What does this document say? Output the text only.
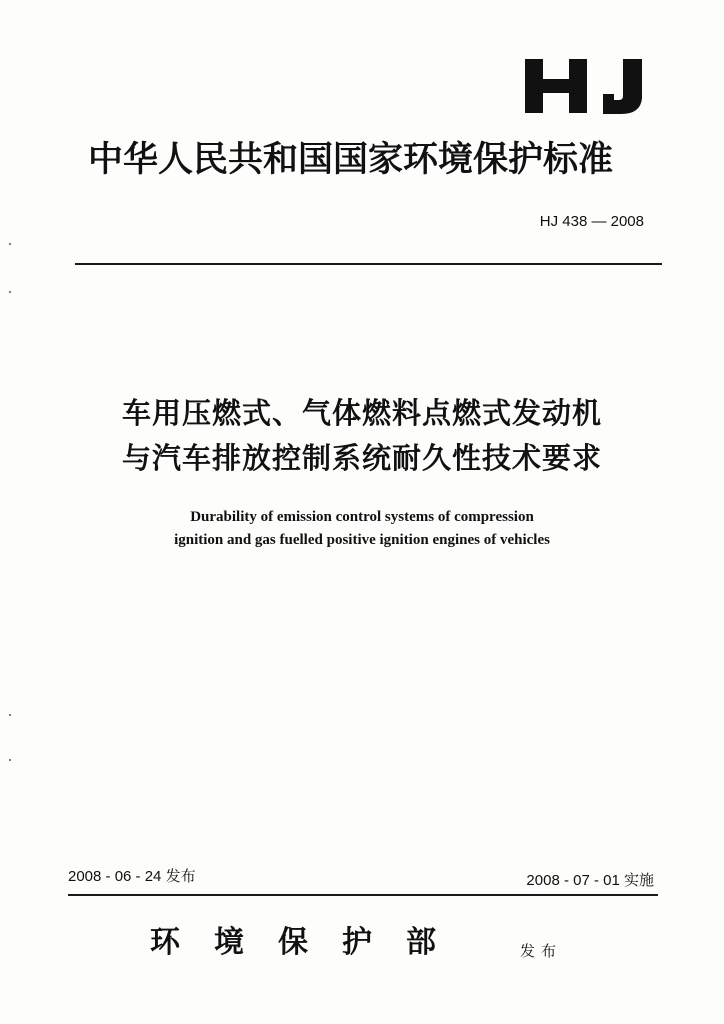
中华人民共和国国家环境保护标准
HJ 438 — 2008
车用压燃式、气体燃料点燃式发动机
与汽车排放控制系统耐久性技术要求
Durability of emission control systems of compression
ignition and gas fuelled positive ignition engines of vehicles
2008 - 06 - 24 发布	2008 - 07 - 01 实施
环境保护部	发布
